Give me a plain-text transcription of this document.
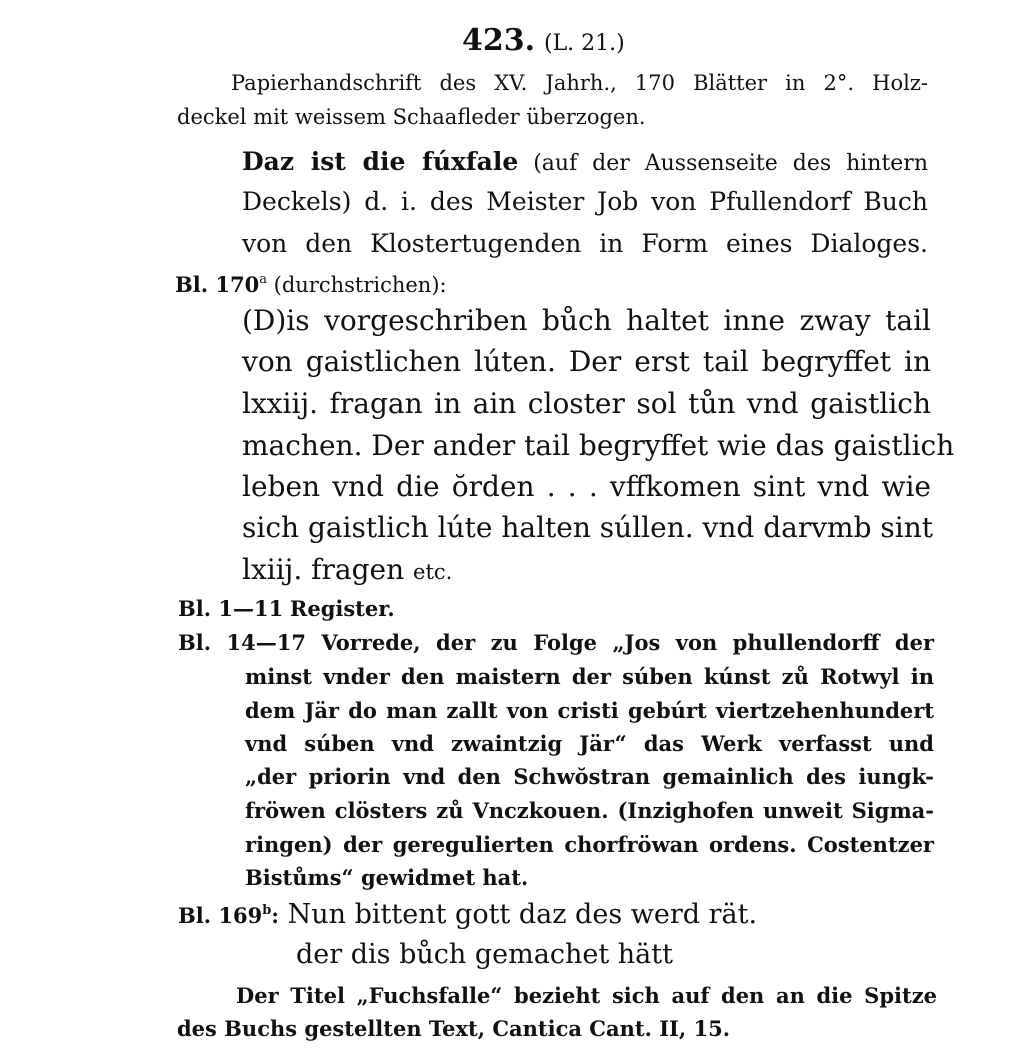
423. (L. 21.)
Papierhandschrift des XV. Jahrh., 170 Blätter in 2°. Holz-
deckel mit weissem Schaafleder überzogen.
Daz ist die fúxfale (auf der Aussenseite des hintern
Deckels) d. i. des Meister Job von Pfullendorf Buch
von den Klostertugenden in Form eines Dialoges.
Bl. 170$^a$ (durchstrichen):
(D)is vorgeschriben bůch haltet inne zway tail
von gaistlichen lúten. Der erst tail begryffet in
lxxiij. fragan in ain closter sol tůn vnd gaistlich
machen. Der ander tail begryffet wie das gaistlich
leben vnd die ŏrden . . . vffkomen sint vnd wie
sich gaistlich lúte halten súllen. vnd darvmb sint
lxiij. fragen etc.
Bl. 1—11 Register.
Bl. 14—17 Vorrede, der zu Folge „Jos von phullendorff der
minst vnder den maistern der súben kúnst zů Rotwyl in
dem Jär do man zallt von cristi gebúrt viertzehenhundert
vnd súben vnd zwaintzig Jär“ das Werk verfasst und
„der priorin vnd den Schwŏstran gemainlich des iungk-
fröwen clösters zů Vnczkouen. (Inzighofen unweit Sigma-
ringen) der geregulierten chorfröwan ordens. Costentzer
Bistůms“ gewidmet hat.
Bl. 169$^b$: Nun bittent gott daz des werd rät.
der dis bůch gemachet hätt
Der Titel „Fuchsfalle“ bezieht sich auf den an die Spitze
des Buchs gestellten Text, Cantica Cant. II, 15.
